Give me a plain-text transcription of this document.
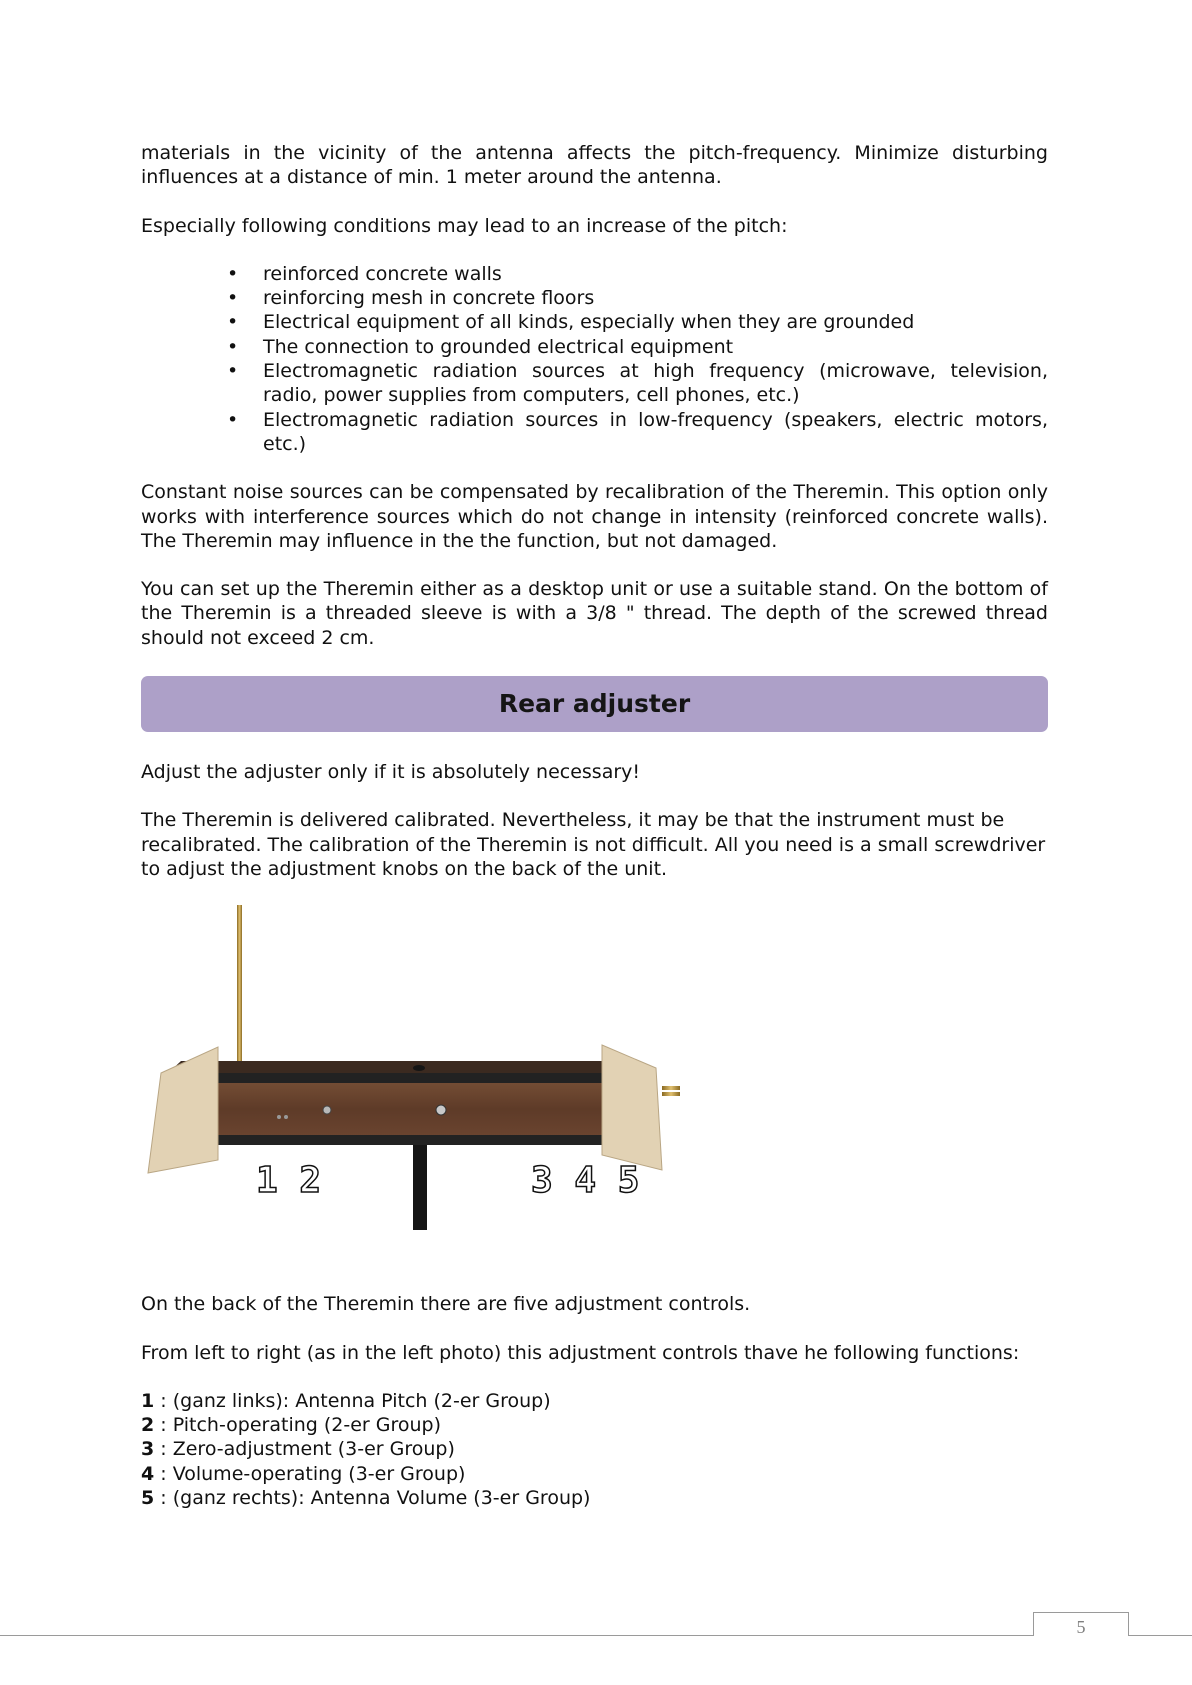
materials in the vicinity of the antenna affects the pitch-frequency. Minimize disturbing influences at a distance of min. 1 meter around the antenna.

Especially following conditions may lead to an increase of the pitch:

• reinforced concrete walls
• reinforcing mesh in concrete floors
• Electrical equipment of all kinds, especially when they are grounded
• The connection to grounded electrical equipment
• Electromagnetic radiation sources at high frequency (microwave, television, radio, power supplies from computers, cell phones, etc.)
• Electromagnetic radiation sources in low-frequency (speakers, electric motors, etc.)

Constant noise sources can be compensated by recalibration of the Theremin. This option only works with interference sources which do not change in intensity (reinforced concrete walls). The Theremin may influence in the the function, but not damaged.

You can set up the Theremin either as a desktop unit or use a suitable stand. On the bottom of the Theremin is a threaded sleeve is with a 3/8 " thread. The depth of the screwed thread should not exceed 2 cm.

Rear adjuster

Adjust the adjuster only if it is absolutely necessary!

The Theremin is delivered calibrated. Nevertheless, it may be that the instrument must be recalibrated. The calibration of the Theremin is not difficult. All you need is a small screwdriver to adjust the adjustment knobs on the back of the unit.

1 2	3 4 5

On the back of the Theremin there are five adjustment controls.

From left to right (as in the left photo) this adjustment controls thave he following functions:

1 : (ganz links): Antenna Pitch (2-er Group)
2 : Pitch-operating (2-er Group)
3 : Zero-adjustment (3-er Group)
4 : Volume-operating (3-er Group)
5 : (ganz rechts): Antenna Volume (3-er Group)
5
